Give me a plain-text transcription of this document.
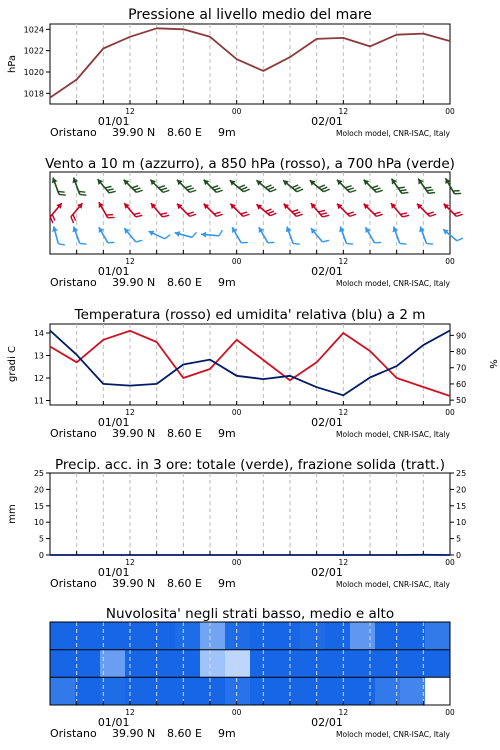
Pressione al livello medio del mare
1018
1020
1022
1024
hPa
12	00	12	00
01/01	02/01
Oristano 39.90 N 8.60 E 9m	Moloch model, CNR-ISAC, Italy
Vento a 10 m (azzurro), a 850 hPa (rosso), a 700 hPa (verde)
12	00	12	00
01/01	02/01
Oristano 39.90 N 8.60 E 9m	Moloch model, CNR-ISAC, Italy
Temperatura (rosso) ed umidita' relativa (blu) a 2 m
11
12
13
14
50
60
70
80
90
gradi C	%
12	00	12	00
01/01	02/01
Oristano 39.90 N 8.60 E 9m	Moloch model, CNR-ISAC, Italy
Precip. acc. in 3 ore: totale (verde), frazione solida (tratt.)
0
5
10
15
20
25
0
5
10
15
20
25
mm
12	00	12	00
01/01	02/01
Oristano 39.90 N 8.60 E 9m	Moloch model, CNR-ISAC, Italy
Nuvolosita' negli strati basso, medio e alto
12	00	12	00
01/01	02/01
Oristano 39.90 N 8.60 E 9m	Moloch model, CNR-ISAC, Italy
